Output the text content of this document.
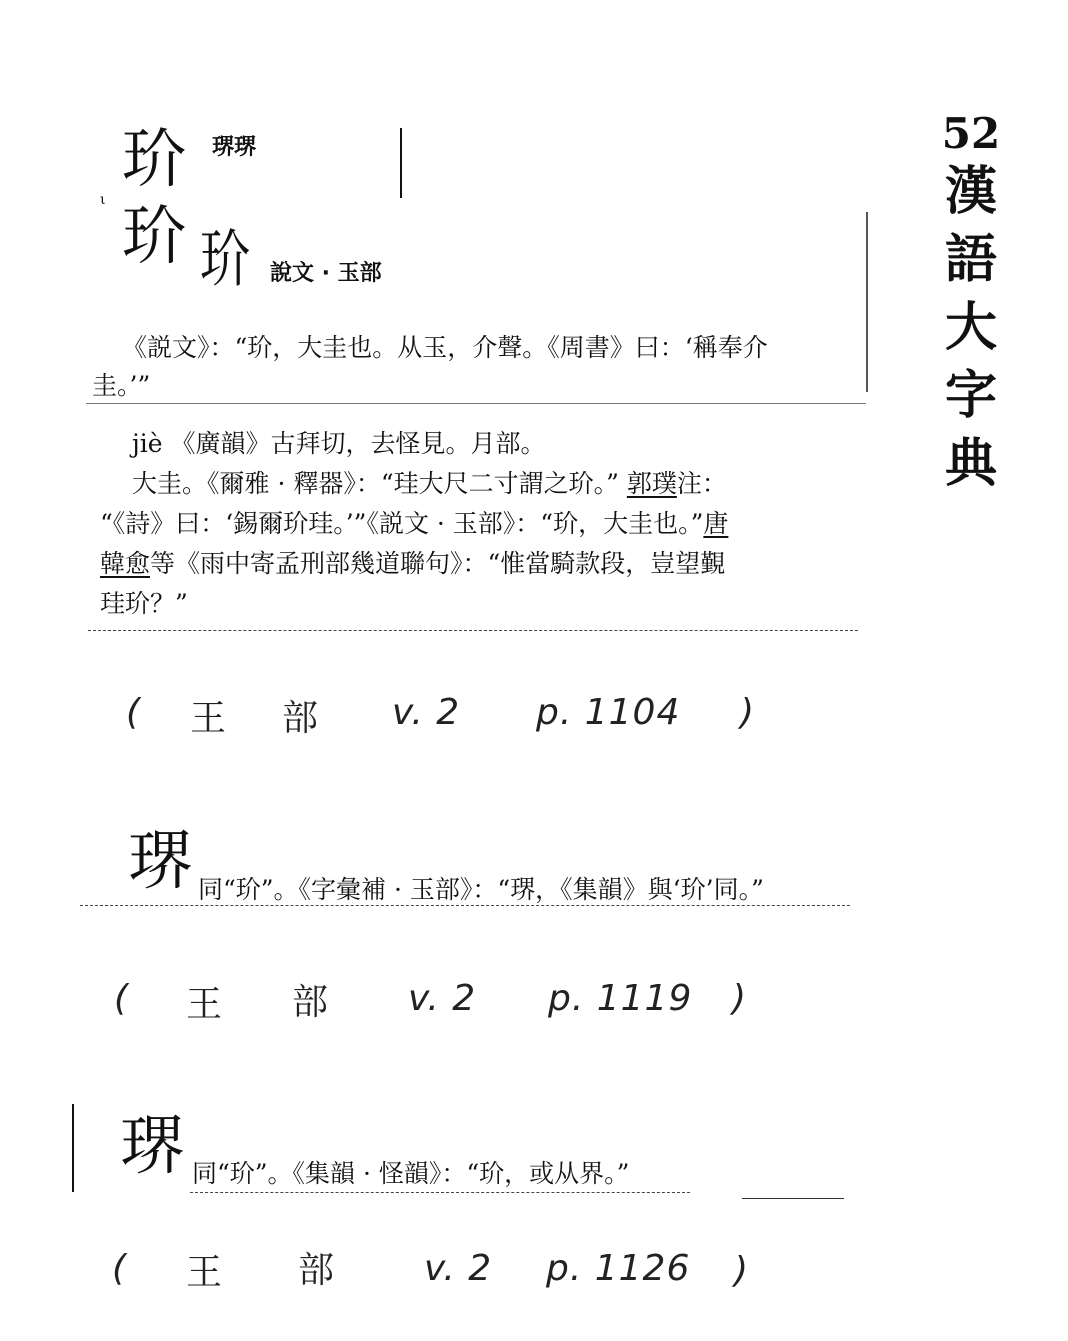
52
漢
語
大
字
典
玠 琾琾
ι 玠 玠 說文 · 玉部
《説文》：“玠，大圭也。从玉，介聲。《周書》曰：‘稱奉介
圭。’”
jiè 《廣韻》古拜切，去怪見。月部。
大圭。《爾雅 · 釋器》：“珪大尺二寸謂之玠。” 郭璞注：
“《詩》曰：‘錫爾玠珪。’”《説文 · 玉部》：“玠，大圭也。”唐
韓愈等《雨中寄孟刑部幾道聯句》：“惟當騎款段，豈望覲
珪玠？”
( 王 部 v. 2 p. 1104 )
琾 同“玠”。《字彙補 · 玉部》：“琾，《集韻》與‘玠’同。”
( 王 部 v. 2 p. 1119 )
琾 同“玠”。《集韻 · 怪韻》：“玠，或从界。”
( 王 部 v. 2 p. 1126 )
